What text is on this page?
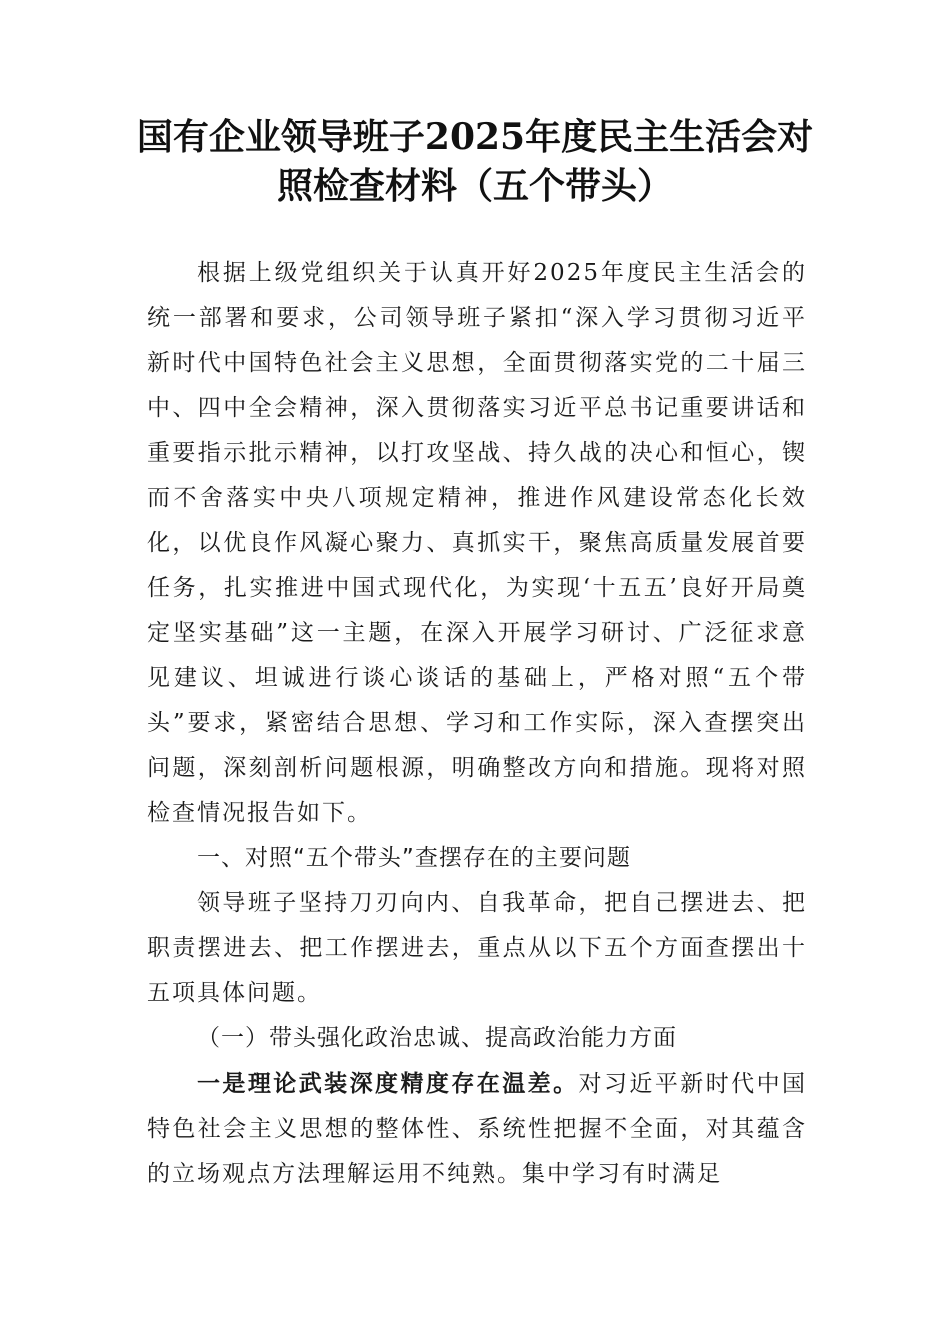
国有企业领导班子2025年度民主生活会对
照检查材料（五个带头）

根据上级党组织关于认真开好2025年度民主生活会的统一部署和要求，公司领导班子紧扣“深入学习贯彻习近平新时代中国特色社会主义思想，全面贯彻落实党的二十届三中、四中全会精神，深入贯彻落实习近平总书记重要讲话和重要指示批示精神，以打攻坚战、持久战的决心和恒心，锲而不舍落实中央八项规定精神，推进作风建设常态化长效化，以优良作风凝心聚力、真抓实干，聚焦高质量发展首要任务，扎实推进中国式现代化，为实现‘十五五’良好开局奠定坚实基础”这一主题，在深入开展学习研讨、广泛征求意见建议、坦诚进行谈心谈话的基础上，严格对照“五个带头”要求，紧密结合思想、学习和工作实际，深入查摆突出问题，深刻剖析问题根源，明确整改方向和措施。现将对照检查情况报告如下。

一、对照“五个带头”查摆存在的主要问题

领导班子坚持刀刃向内、自我革命，把自己摆进去、把职责摆进去、把工作摆进去，重点从以下五个方面查摆出十五项具体问题。

（一）带头强化政治忠诚、提高政治能力方面

一是理论武装深度精度存在温差。对习近平新时代中国特色社会主义思想的整体性、系统性把握不全面，对其蕴含的立场观点方法理解运用不纯熟。集中学习有时满足
